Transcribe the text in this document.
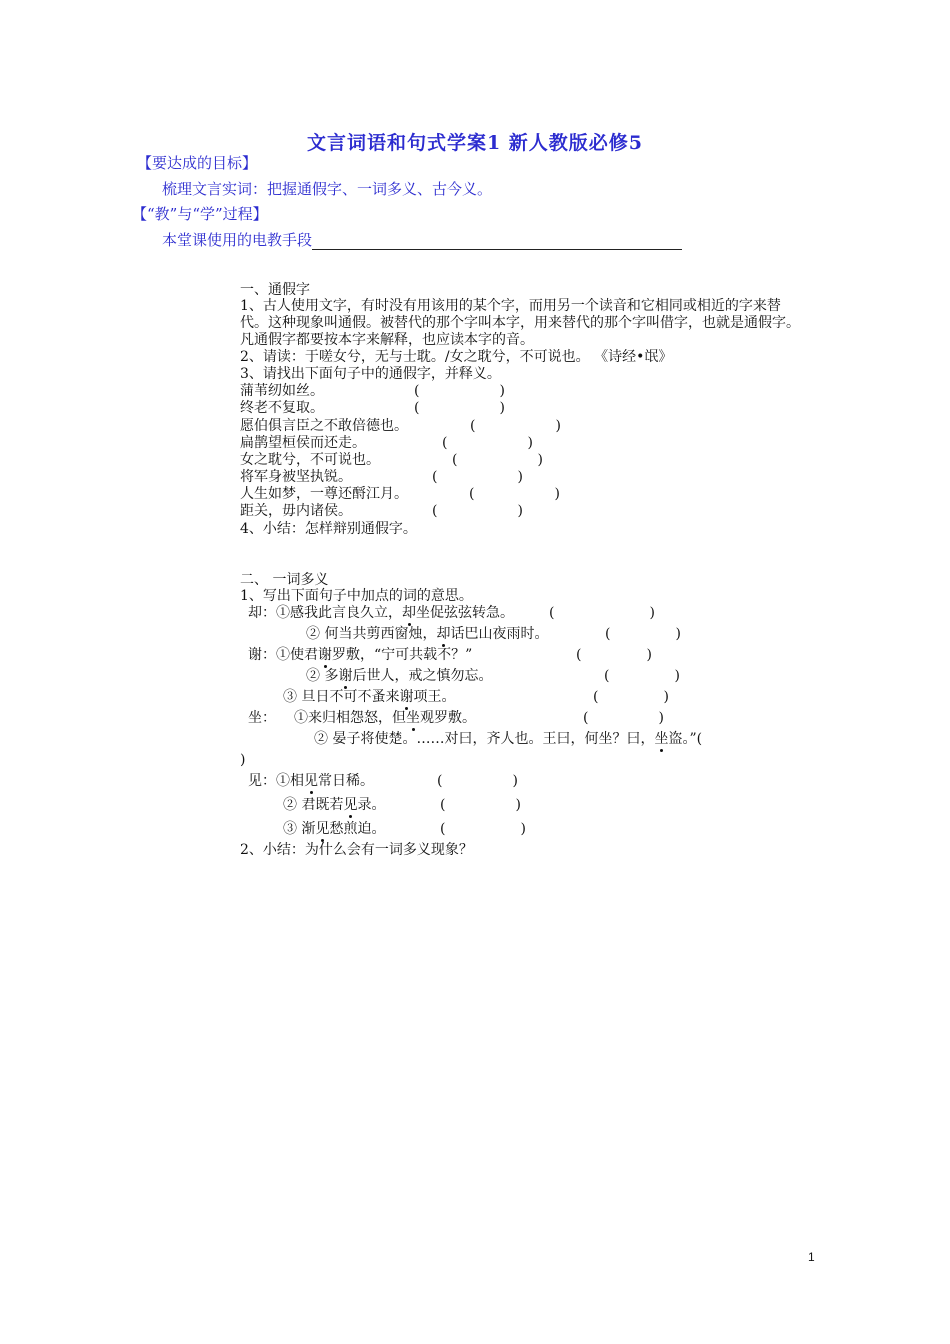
文言词语和句式学案1 新人教版必修5
【要达成的目标】
梳理文言实词：把握通假字、一词多义、古今义。
【“教”与“学”过程】
本堂课使用的电教手段
一、通假字
1、古人使用文字，有时没有用该用的某个字，而用另一个读音和它相同或相近的字来替代。这种现象叫通假。被替代的那个字叫本字，用来替代的那个字叫借字，也就是通假字。凡通假字都要按本字来解释，也应读本字的音。
2、请读：于嗟女兮，无与士耽。/女之耽兮，不可说也。 《诗经•氓》
3、请找出下面句子中的通假字，并释义。
蒲苇纫如丝。	(	)
终老不复取。	(	)
愿伯俱言臣之不敢倍德也。	(	)
扁鹊望桓侯而还走。	(	)
女之耽兮，不可说也。	(	)
将军身被坚执锐。	(	)
人生如梦，一尊还酹江月。	(	)
距关，毋内诸侯。	(	)
4、小结：怎样辩别通假字。
二、 一词多义
1、写出下面句子中加点的词的意思。
却：①感我此言良久立，却坐促弦弦转急。	(	)
② 何当共剪西窗烛，却话巴山夜雨时。	(	)
谢：①使君谢罗敷，“宁可共载不？”	(	)
② 多谢后世人，戒之慎勿忘。	(	)
③ 旦日不可不蚤来谢项王。	(	)
坐： ①来归相怨怒，但坐观罗敷。	(	)
② 晏子将使楚。……对曰，齐人也。王曰，何坐？曰，坐盗。”(
)
见：①相见常日稀。	(	)
② 君既若见录。	(	)
③ 渐见愁煎迫。	(	)
2、小结：为什么会有一词多义现象？
1
